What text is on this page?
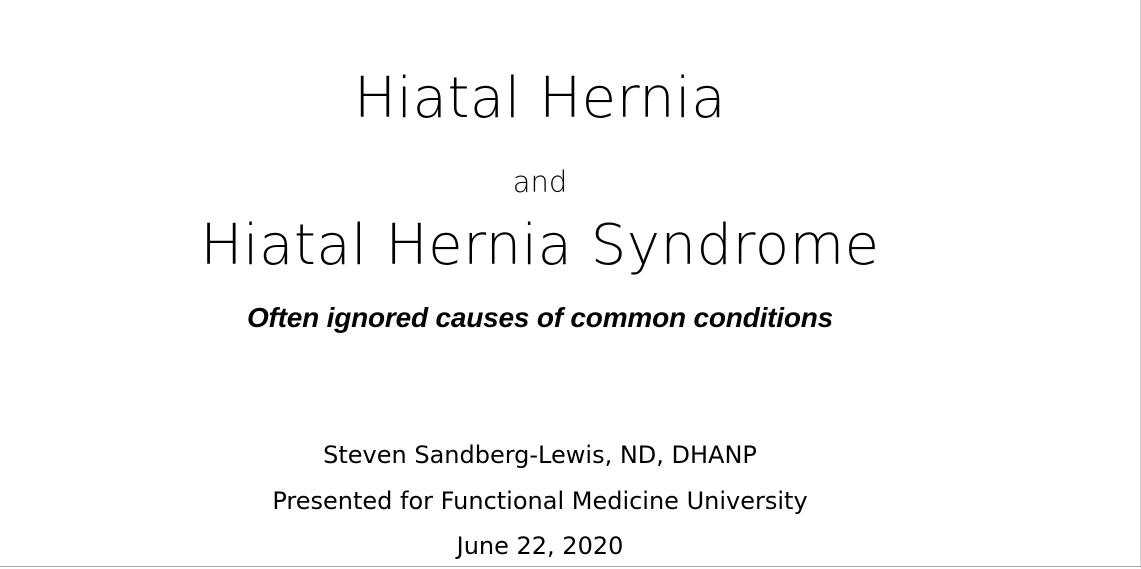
Hiatal Hernia
and
Hiatal Hernia Syndrome
Often ignored causes of common conditions
Steven Sandberg-Lewis, ND, DHANP
Presented for Functional Medicine University
June 22, 2020
